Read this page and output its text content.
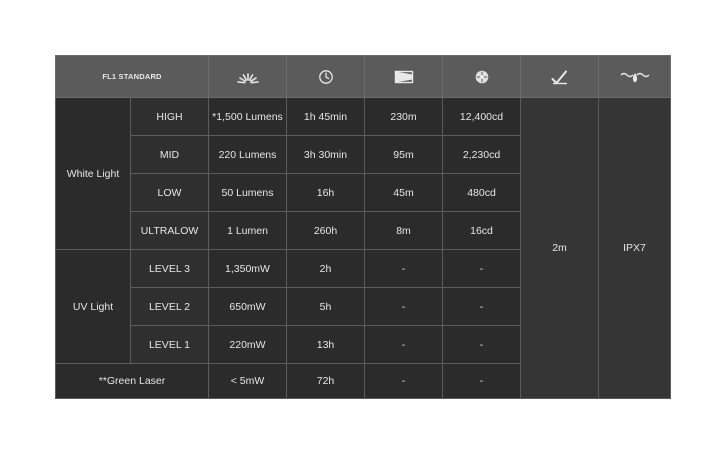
FL1 STANDARD						
White Light	HIGH	*1,500 Lumens	1h 45min	230m	12,400cd	2m	IPX7
	MID	220 Lumens	3h 30min	95m	2,230cd		
	LOW	50 Lumens	16h	45m	480cd		
	ULTRALOW	1 Lumen	260h	8m	16cd		
UV Light	LEVEL 3	1,350mW	2h	-	-		
	LEVEL 2	650mW	5h	-	-		
	LEVEL 1	220mW	13h	-	-		
**Green Laser		< 5mW	72h	-	-		
